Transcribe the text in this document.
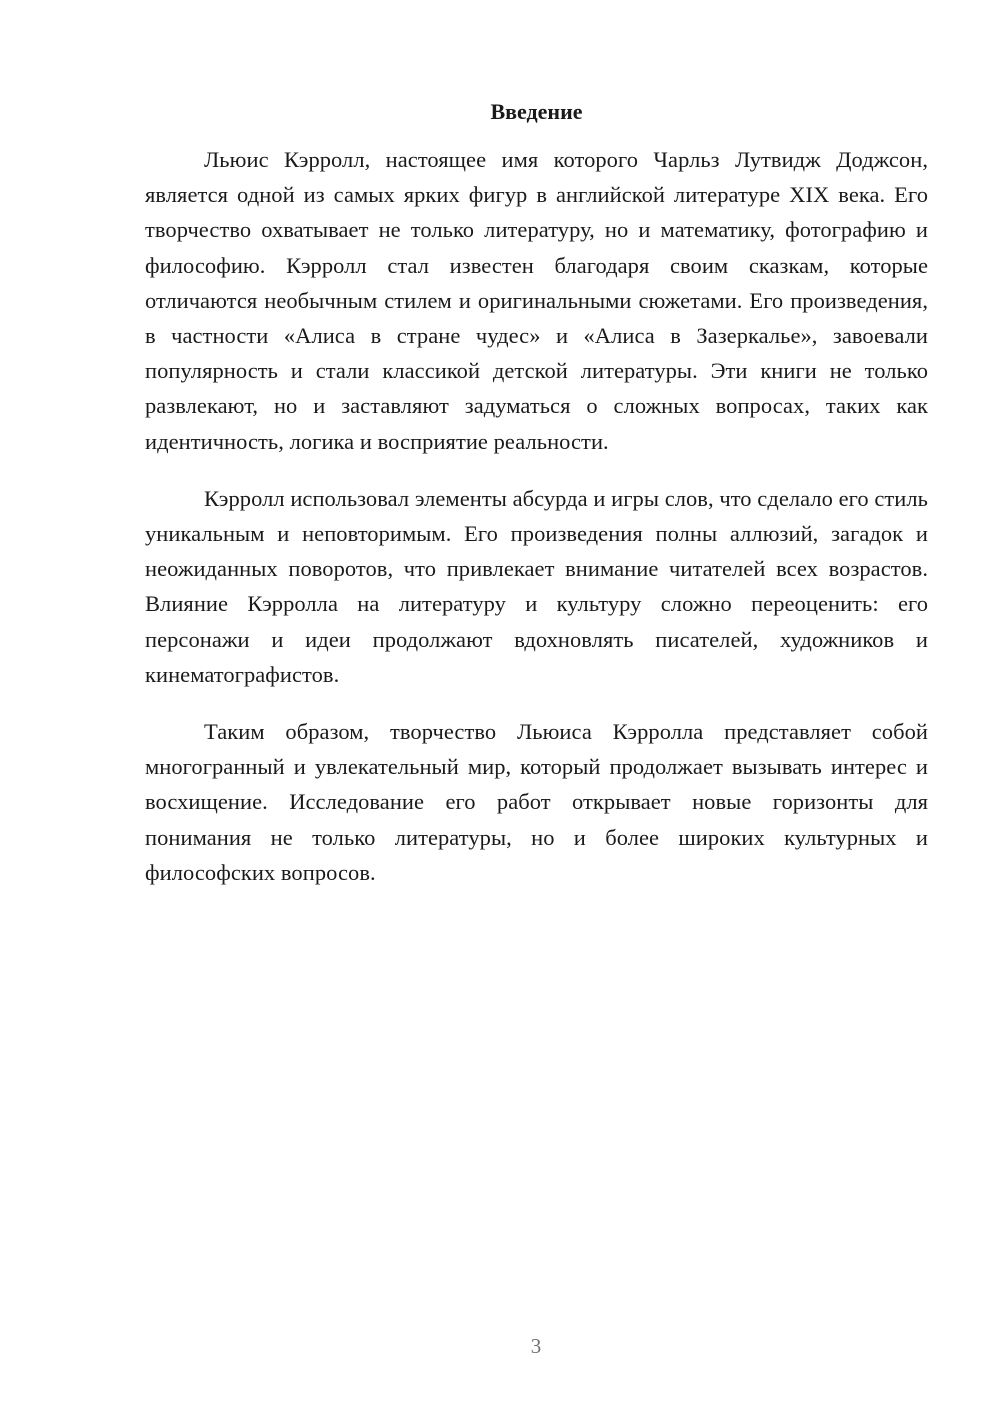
Введение

Льюис Кэрролл, настоящее имя которого Чарльз Лутвидж Доджсон, является одной из самых ярких фигур в английской литературе XIX века. Его творчество охватывает не только литературу, но и математику, фотографию и философию. Кэрролл стал известен благодаря своим сказкам, которые отличаются необычным стилем и оригинальными сюжетами. Его произведения, в частности «Алиса в стране чудес» и «Алиса в Зазеркалье», завоевали популярность и стали классикой детской литературы. Эти книги не только развлекают, но и заставляют задуматься о сложных вопросах, таких как идентичность, логика и восприятие реальности.

Кэрролл использовал элементы абсурда и игры слов, что сделало его стиль уникальным и неповторимым. Его произведения полны аллюзий, загадок и неожиданных поворотов, что привлекает внимание читателей всех возрастов. Влияние Кэрролла на литературу и культуру сложно переоценить: его персонажи и идеи продолжают вдохновлять писателей, художников и кинематографистов.

Таким образом, творчество Льюиса Кэрролла представляет собой многогранный и увлекательный мир, который продолжает вызывать интерес и восхищение. Исследование его работ открывает новые горизонты для понимания не только литературы, но и более широких культурных и философских вопросов.

3
